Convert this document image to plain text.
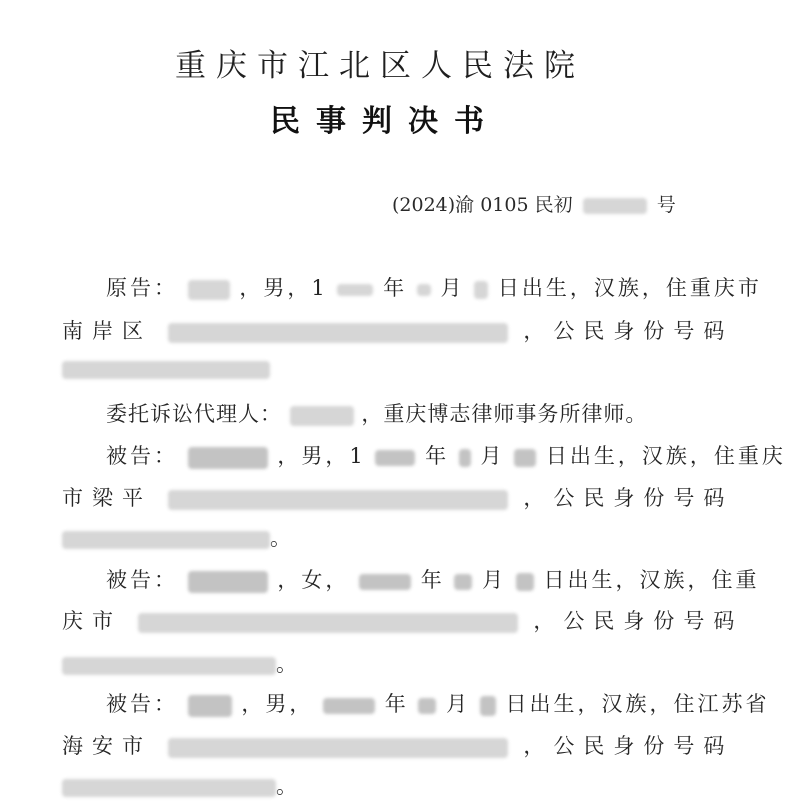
重庆市江北区人民法院
民事判决书
(2024)渝 0105 民初	号
原告：	，男，1	年 月 日出生，汉族，住重庆市
南岸区	，公民身份号码
委托诉讼代理人：	，重庆博志律师事务所律师。
被告：	，男，1	年 月 日出生，汉族，住重庆
市梁平	，公民身份号码
。
被告：	，女，	年 月 日出生，汉族，住重
庆市	，公民身份号码
。
被告：	，男，	年 月 日出生，汉族，住江苏省
海安市	，公民身份号码
。
